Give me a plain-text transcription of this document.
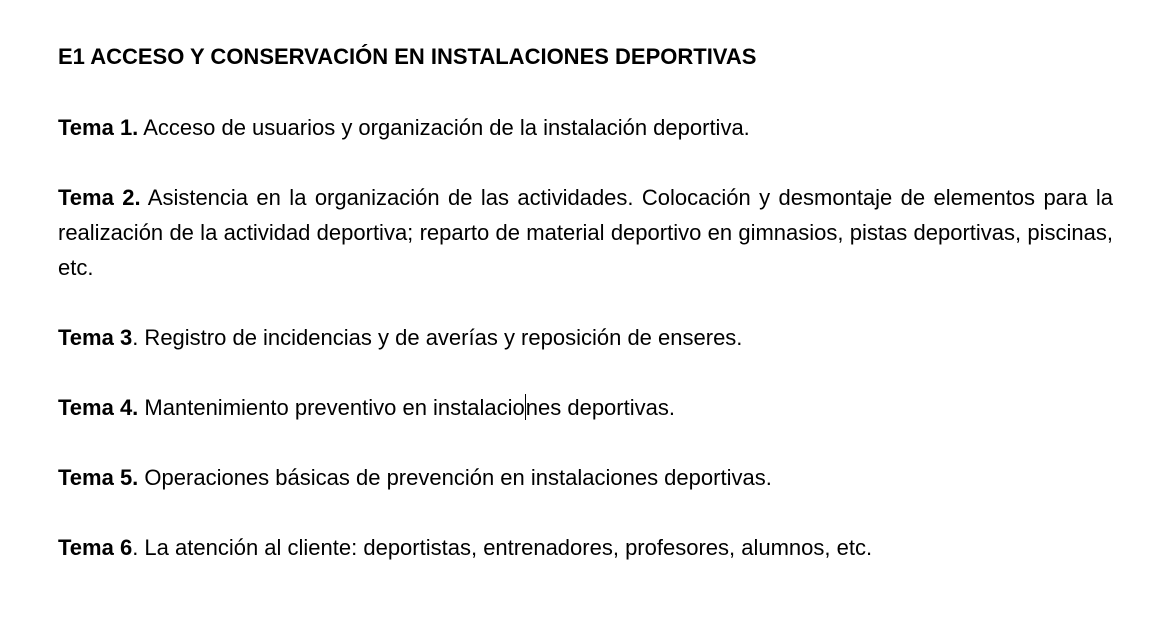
E1 ACCESO Y CONSERVACIÓN EN INSTALACIONES DEPORTIVAS

Tema 1. Acceso de usuarios y organización de la instalación deportiva.

Tema 2. Asistencia en la organización de las actividades. Colocación y desmontaje de elementos para la realización de la actividad deportiva; reparto de material deportivo en gimnasios, pistas deportivas, piscinas, etc.

Tema 3. Registro de incidencias y de averías y reposición de enseres.

Tema 4. Mantenimiento preventivo en instalaciones deportivas.

Tema 5. Operaciones básicas de prevención en instalaciones deportivas.

Tema 6. La atención al cliente: deportistas, entrenadores, profesores, alumnos, etc.
